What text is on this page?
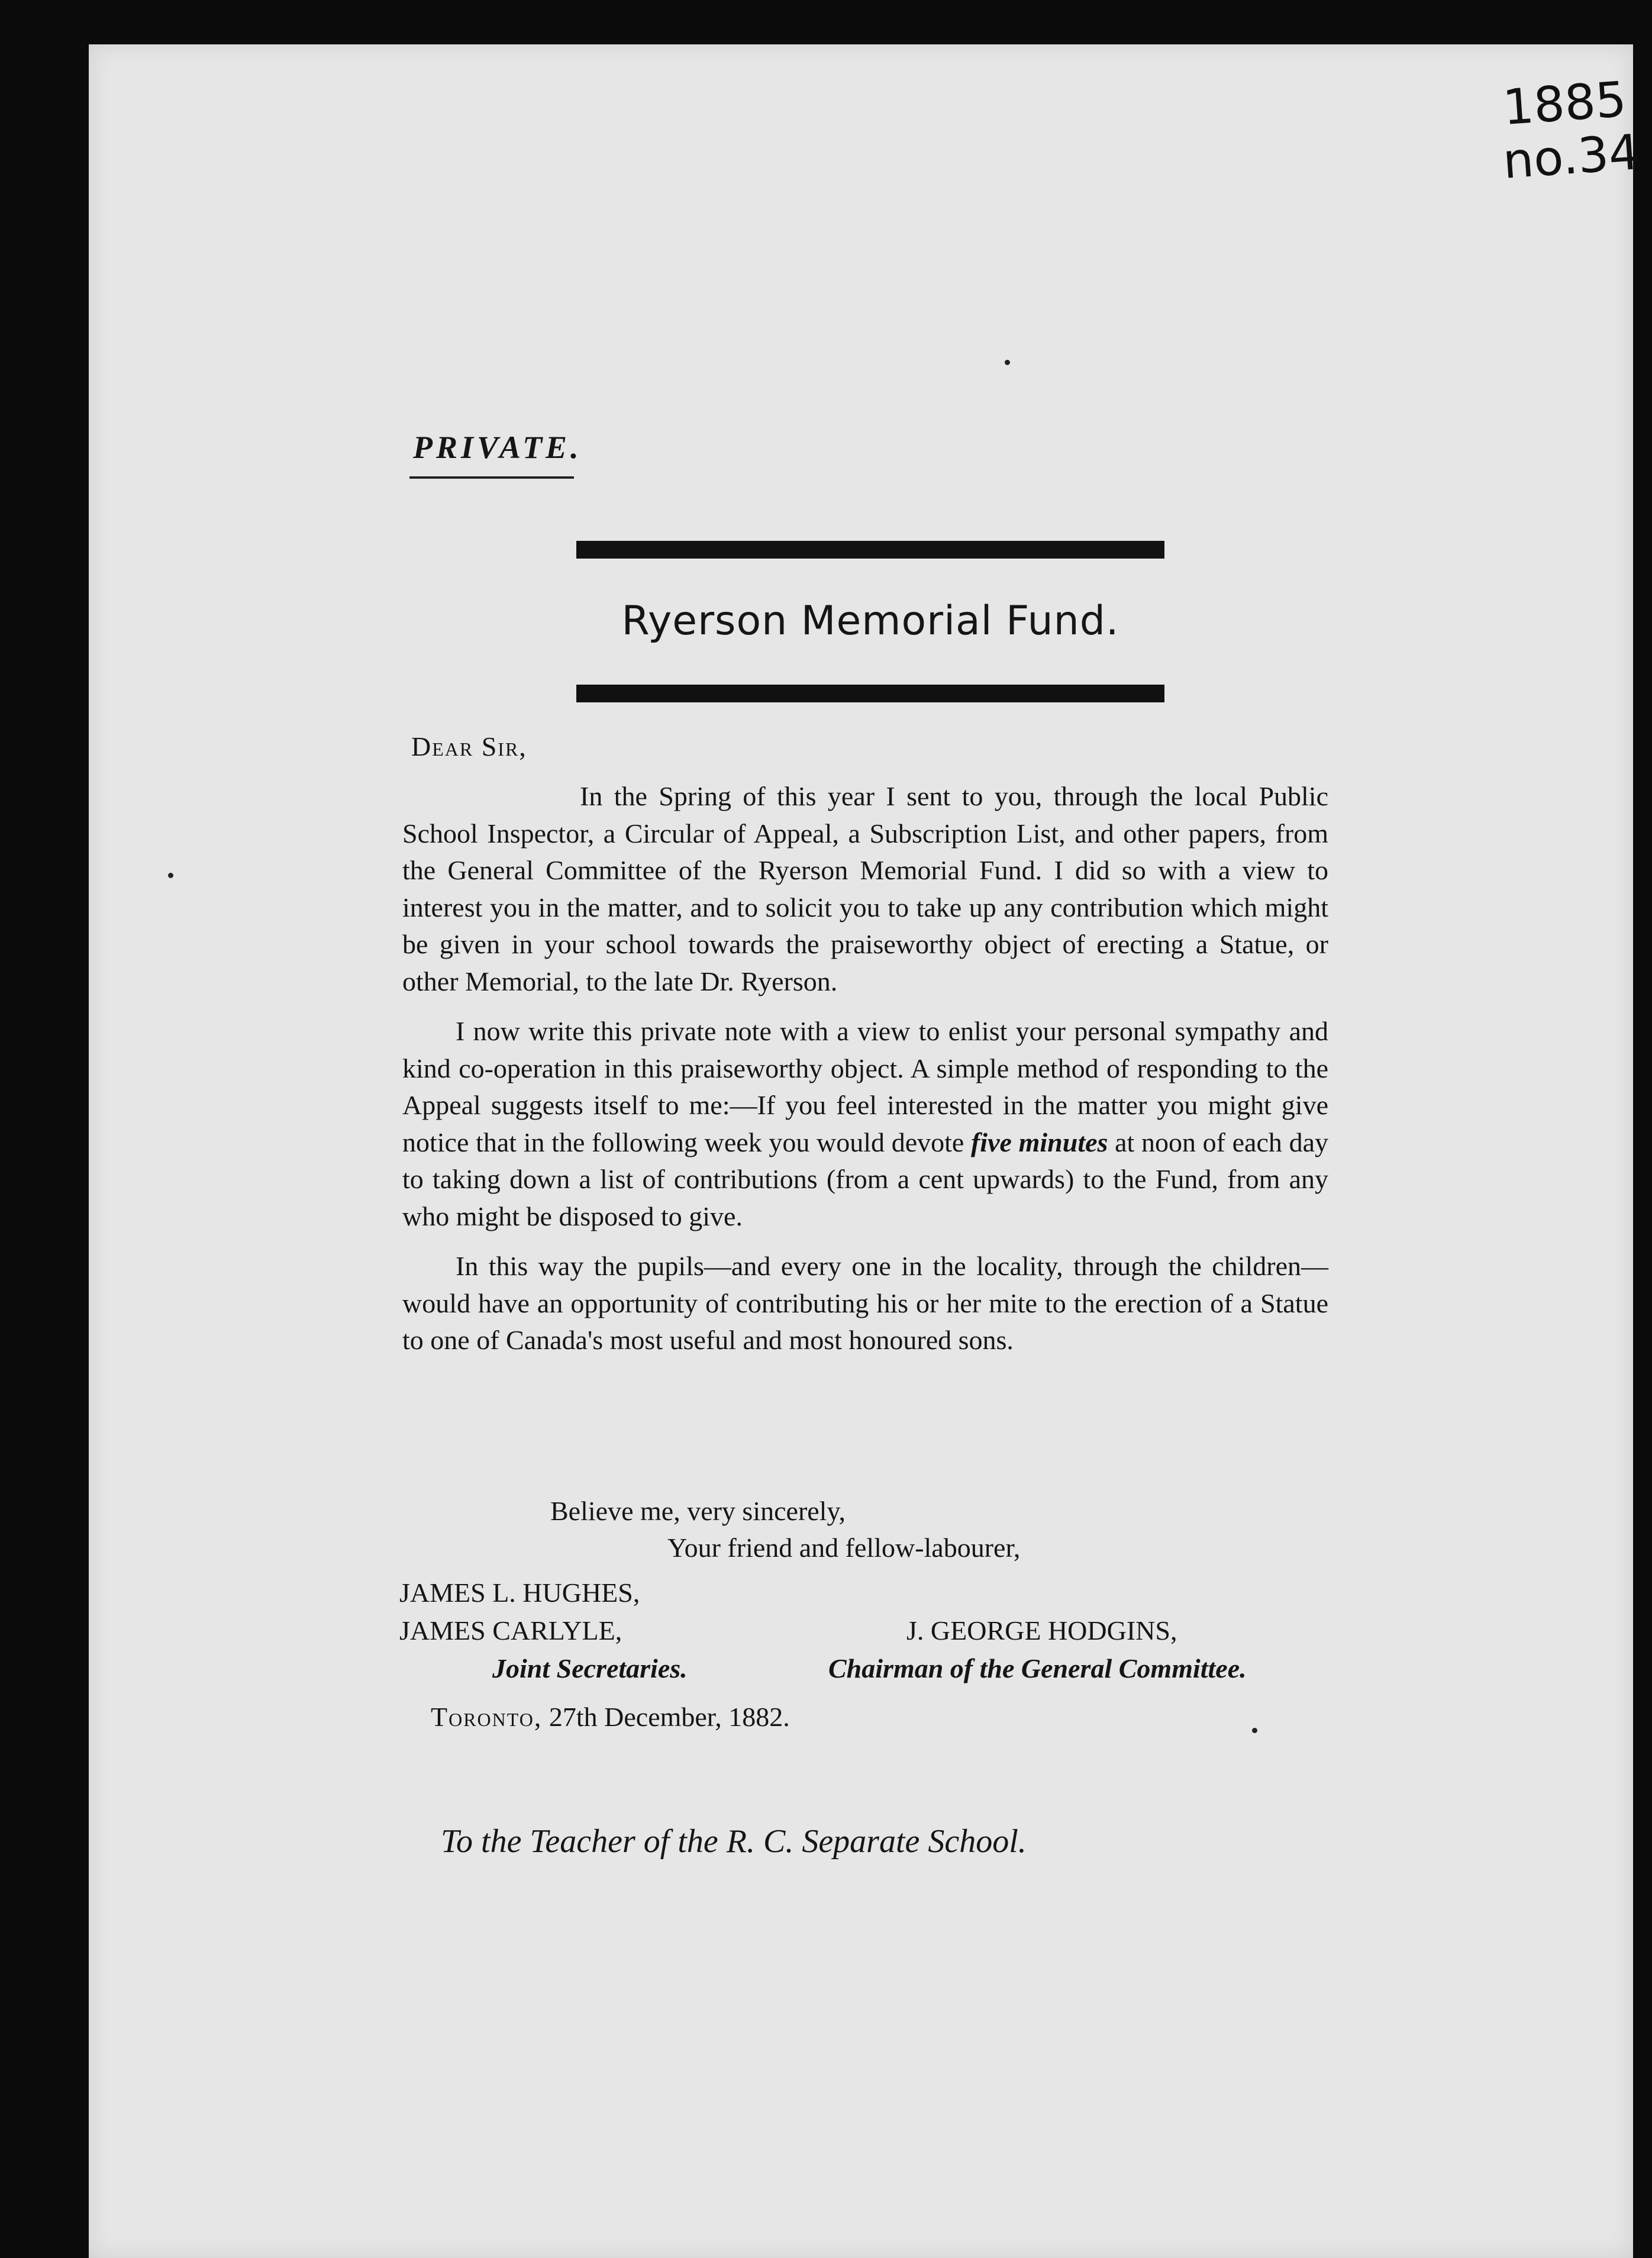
1885
no.34
PRIVATE.
Ryerson Memorial Fund.
Dear Sir,

In the Spring of this year I sent to you, through the local Public School Inspector, a Circular of Appeal, a Subscription List, and other papers, from the General Committee of the Ryerson Memorial Fund. I did so with a view to interest you in the matter, and to solicit you to take up any contribution which might be given in your school towards the praiseworthy object of erecting a Statue, or other Memorial, to the late Dr. Ryerson.

I now write this private note with a view to enlist your personal sympathy and kind co-operation in this praiseworthy object. A simple method of responding to the Appeal suggests itself to me:—If you feel interested in the matter you might give notice that in the following week you would devote five minutes at noon of each day to taking down a list of contributions (from a cent upwards) to the Fund, from any who might be disposed to give.

In this way the pupils—and every one in the locality, through the children—would have an opportunity of contributing his or her mite to the erection of a Statue to one of Canada's most useful and most honoured sons.

Believe me, very sincerely,
Your friend and fellow-labourer,
JAMES L. HUGHES,
JAMES CARLYLE,	J. GEORGE HODGINS,
Joint Secretaries.	Chairman of the General Committee.
Toronto, 27th December, 1882.
To the Teacher of the R. C. Separate School.
